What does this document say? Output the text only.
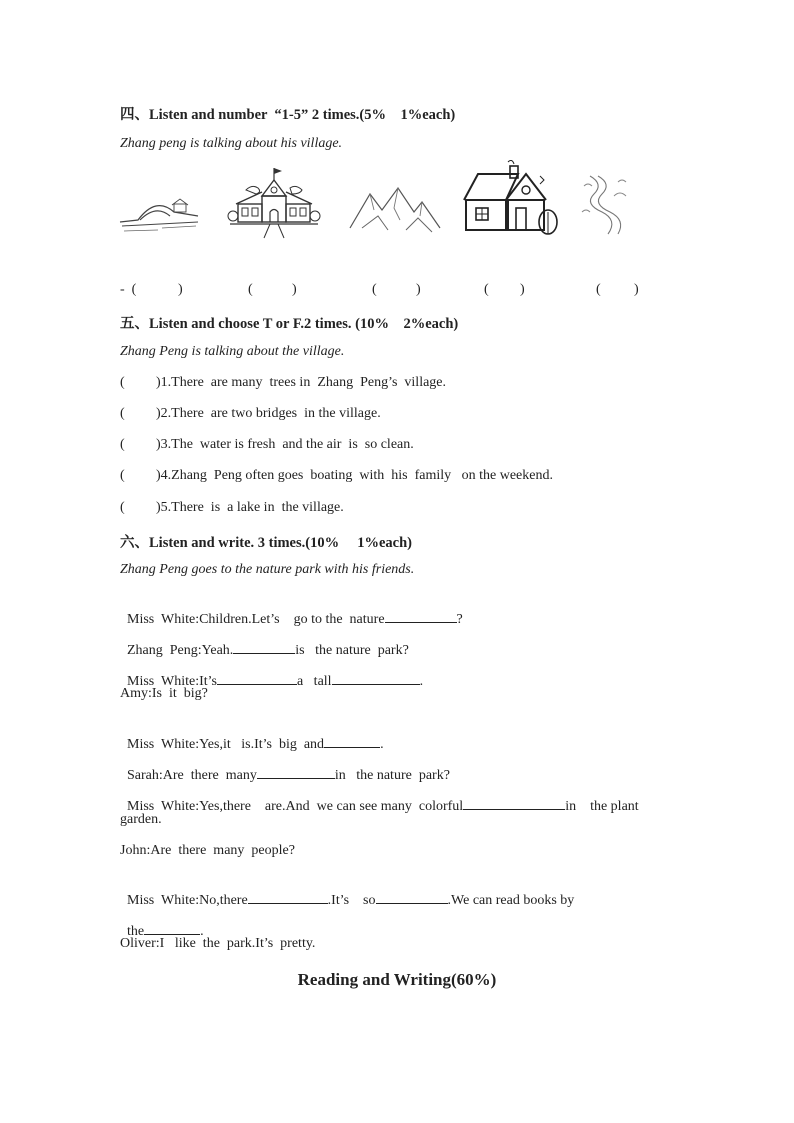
四、Listen and number  “1-5” 2 times.(5%    1%each)
Zhang peng is talking about his village.
-  (	)	(	)	(	)	( )	( )
五、Listen and choose T or F.2 times. (10%    2%each)
Zhang Peng is talking about the village.
( )1.There  are many  trees in  Zhang  Peng’s  village.
( )2.There  are two bridges  in the village.
( )3.The  water is fresh  and the air  is  so clean.
( )4.Zhang  Peng often goes  boating  with  his  family   on the weekend.
( )5.There  is  a lake in  the village.
六、Listen and write. 3 times.(10%     1%each)
Zhang Peng goes to the nature park with his friends.

Miss  White:Children.Let’s    go to the  nature	?

Zhang  Peng:Yeah.	is   the nature  park?

Miss  White:It’s	a   tall	.

Amy:Is  it  big?

Miss  White:Yes,it   is.It’s  big  and	.

Sarah:Are  there  many	in   the nature  park?

Miss  White:Yes,there    are.And  we can see many  colorful	in    the plant

garden.
John:Are  there  many  people?

Miss  White:No,there	.It’s    so	.We can read books by

the	.

Oliver:I   like  the  park.It’s  pretty.
Reading and Writing(60%)
